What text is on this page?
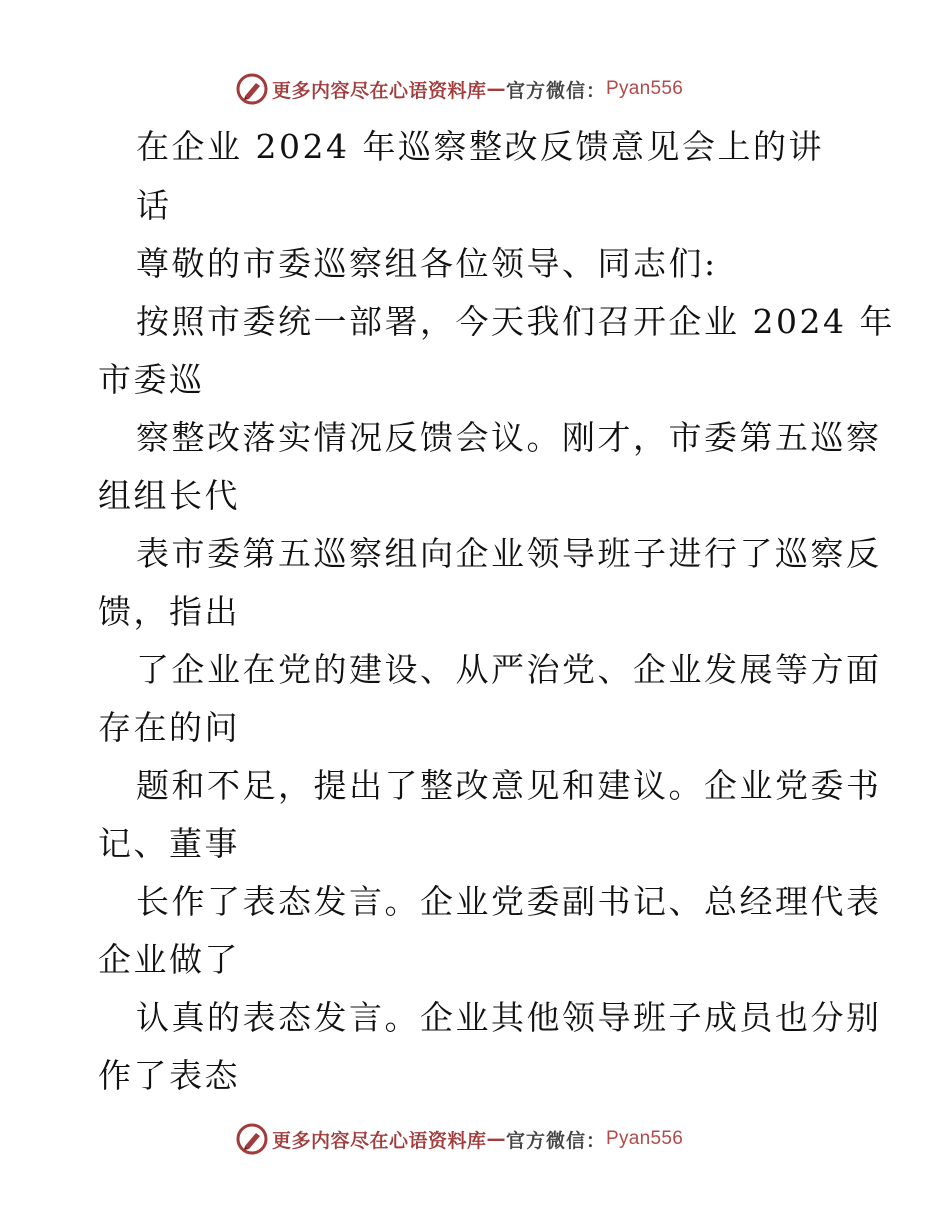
更多内容尽在心语资料库 — 官方微信： Pyan556
在企业 2024 年巡察整改反馈意见会上的讲
话
尊敬的市委巡察组各位领导、同志们:
按照市委统一部署，今天我们召开企业 2024 年
市委巡
察整改落实情况反馈会议。刚才，市委第五巡察
组组长代
表市委第五巡察组向企业领导班子进行了巡察反
馈，指出
了企业在党的建设、从严治党、企业发展等方面
存在的问
题和不足，提出了整改意见和建议。企业党委书
记、董事
长作了表态发言。企业党委副书记、总经理代表
企业做了
认真的表态发言。企业其他领导班子成员也分别
作了表态
更多内容尽在心语资料库 — 官方微信： Pyan556
